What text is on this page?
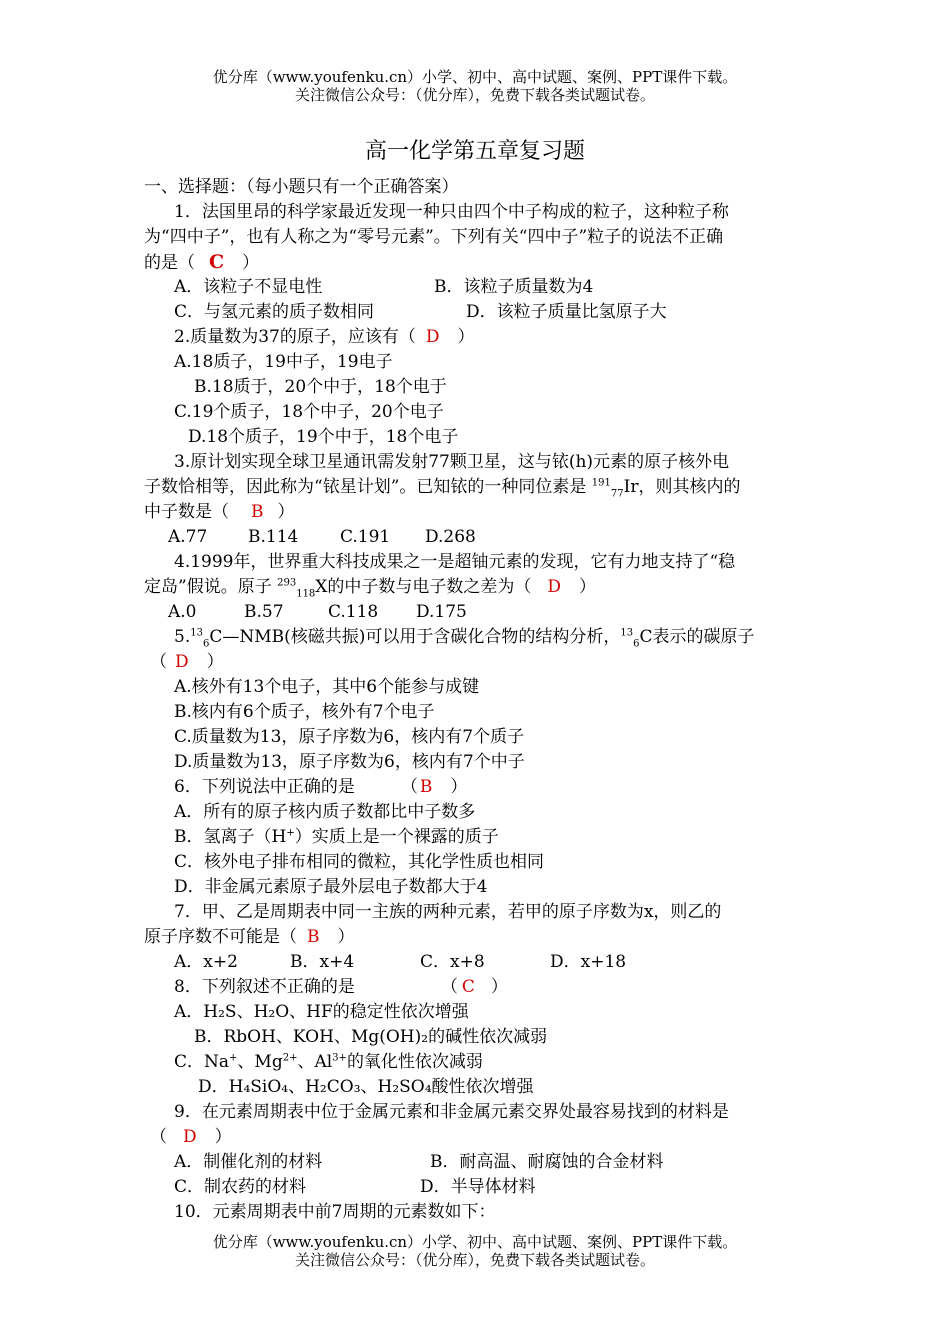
优分库（www.youfenku.cn）小学、初中、高中试题、案例、PPT课件下载。
关注微信公众号：（优分库），免费下载各类试题试卷。
高一化学第五章复习题
一、选择题：（每小题只有一个正确答案）
1．法国里昂的科学家最近发现一种只由四个中子构成的粒子，这种粒子称
为“四中子”，也有人称之为“零号元素”。下列有关“四中子”粒子的说法不正确
的是（ C ）
A．该粒子不显电性	B．该粒子质量数为4
C．与氢元素的质子数相同	D．该粒子质量比氢原子大
2.质量数为37的原子，应该有（ D ）
A.18质子，19中子，19电子
B.18质于，20个中于，18个电于
C.19个质子，18个中子，20个电子
D.18个质子，19个中于，18个电子
3.原计划实现全球卫星通讯需发射77颗卫星，这与铱(h)元素的原子核外电
子数恰相等，因此称为“铱星计划”。已知铱的一种同位素是 $^{191}_{77}$Ir，则其核内的
中子数是（ B ）
A.77 B.114 C.191 D.268
4.1999年，世界重大科技成果之一是超铀元素的发现，它有力地支持了“稳
定岛”假说。原子 $^{293}_{118}$X的中子数与电子数之差为（ D ）
A.0	B.57	C.118 D.175
$5.13_6C—NMB$(核磁共振)可以用于含碳化合物的结构分析，$^{13}_6$C表示的碳原子
（ D ）
A.核外有13个电子，其中6个能参与成键
B.核内有6个质子，核外有7个电子
C.质量数为13，原子序数为6，核内有7个质子
D.质量数为13，原子序数为6，核内有7个中子
6．下列说法中正确的是	（ B ）
A．所有的原子核内质子数都比中子数多
B．氢离子（H+）实质上是一个裸露的质子
C．核外电子排布相同的微粒，其化学性质也相同
D．非金属元素原子最外层电子数都大于4
7．甲、乙是周期表中同一主族的两种元素，若甲的原子序数为x，则乙的
原子序数不可能是（ B ）
A．x+2	B．x+4	C．x+8	D．x+18
8．下列叙述不正确的是	（ C ）
A．H₂S、H₂O、HF的稳定性依次增强
B．RbOH、KOH、Mg(OH)₂的碱性依次减弱
C．Na+、$Mg^{2+}$、$Al^{3+}$的氧化性依次减弱
D．H₄SiO₄、H₂CO₃、H₂SO₄酸性依次增强
9．在元素周期表中位于金属元素和非金属元素交界处最容易找到的材料是
（ D ）
A．制催化剂的材料	B．耐高温、耐腐蚀的合金材料
C．制农药的材料	D．半导体材料
10．元素周期表中前7周期的元素数如下：
优分库（www.youfenku.cn）小学、初中、高中试题、案例、PPT课件下载。
关注微信公众号：（优分库），免费下载各类试题试卷。
